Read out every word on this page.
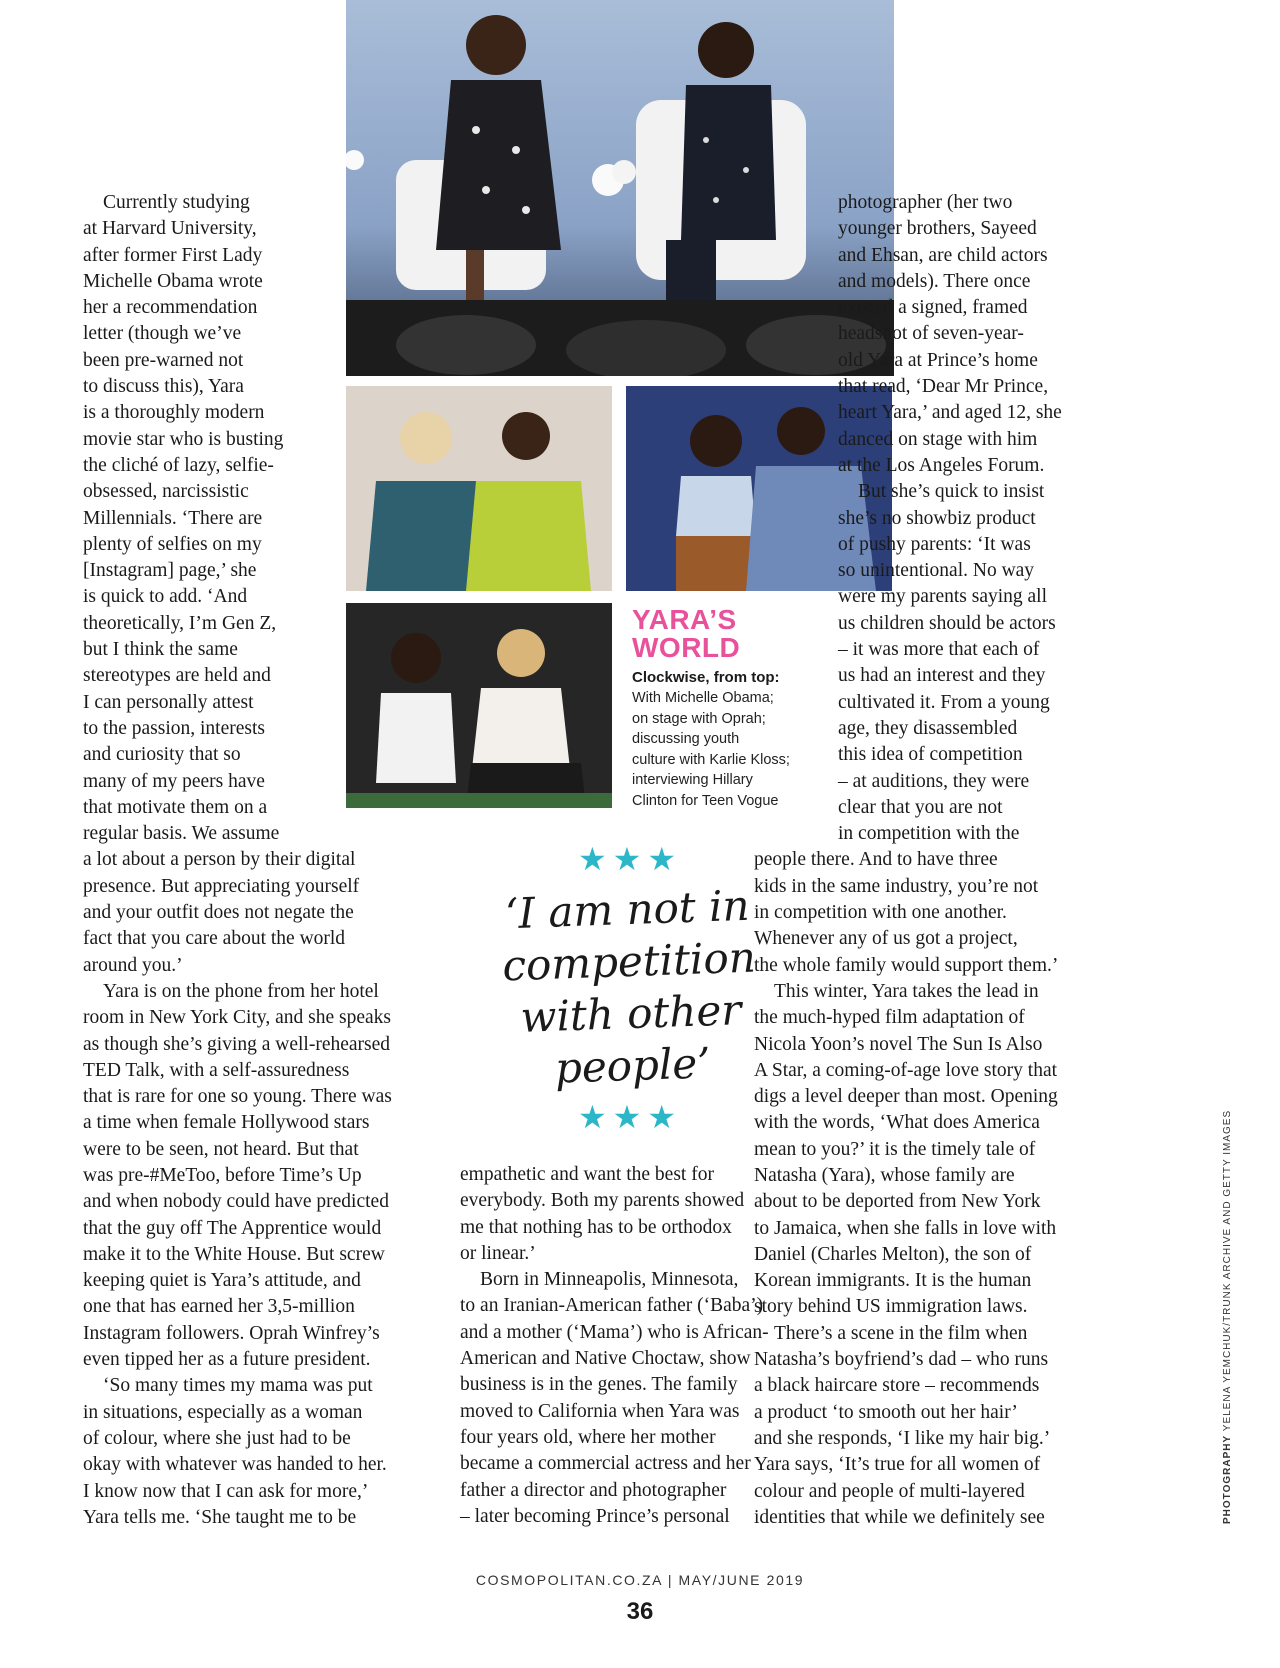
YARA’S

WORLD

Clockwise, from top:
With Michelle Obama;
on stage with Oprah;
discussing youth
culture with Karlie Kloss;
interviewing Hillary
Clinton for Teen Vogue
★★★
‘I am not in
competition
with other
people’
★★★

Currently studying
at Harvard University,
after former First Lady
Michelle Obama wrote
her a recommendation
letter (though we’ve
been pre-warned not
to discuss this), Yara
is a thoroughly modern
movie star who is busting
the cliché of lazy, selfie-
obsessed, narcissistic
Millennials. ‘There are
plenty of selfies on my
[Instagram] page,’ she
is quick to add. ‘And
theoretically, I’m Gen Z,
but I think the same
stereotypes are held and
I can personally attest
to the passion, interests
and curiosity that so
many of my peers have
that motivate them on a
regular basis. We assume
a lot about a person by their digital
presence. But appreciating yourself
and your outfit does not negate the
fact that you care about the world
around you.’

Yara is on the phone from her hotel
room in New York City, and she speaks
as though she’s giving a well-rehearsed
TED Talk, with a self-assuredness
that is rare for one so young. There was
a time when female Hollywood stars
were to be seen, not heard. But that
was pre-#MeToo, before Time’s Up
and when nobody could have predicted
that the guy off The Apprentice would
make it to the White House. But screw
keeping quiet is Yara’s attitude, and
one that has earned her 3,5-million
Instagram followers. Oprah Winfrey’s
even tipped her as a future president.

‘So many times my mama was put
in situations, especially as a woman
of colour, where she just had to be
okay with whatever was handed to her.
I know now that I can ask for more,’
Yara tells me. ‘She taught me to be

empathetic and want the best for
everybody. Both my parents showed
me that nothing has to be orthodox
or linear.’

Born in Minneapolis, Minnesota,
to an Iranian-American father (‘Baba’)
and a mother (‘Mama’) who is African-
American and Native Choctaw, show
business is in the genes. The family
moved to California when Yara was
four years old, where her mother
became a commercial actress and her
father a director and photographer
– later becoming Prince’s personal

photographer (her two
younger brothers, Sayeed
and Ehsan, are child actors
and models). There once
existed a signed, framed
headshot of seven-year-
old Yara at Prince’s home
that read, ‘Dear Mr Prince,
heart Yara,’ and aged 12, she
danced on stage with him
at the Los Angeles Forum.

But she’s quick to insist
she’s no showbiz product
of pushy parents: ‘It was
so unintentional. No way
were my parents saying all
us children should be actors
– it was more that each of
us had an interest and they
cultivated it. From a young
age, they disassembled
this idea of competition
– at auditions, they were
clear that you are not
in competition with the
people there. And to have three
kids in the same industry, you’re not
in competition with one another.
Whenever any of us got a project,
the whole family would support them.’

This winter, Yara takes the lead in
the much-hyped film adaptation of
Nicola Yoon’s novel The Sun Is Also
A Star, a coming-of-age love story that
digs a level deeper than most. Opening
with the words, ‘What does America
mean to you?’ it is the timely tale of
Natasha (Yara), whose family are
about to be deported from New York
to Jamaica, when she falls in love with
Daniel (Charles Melton), the son of
Korean immigrants. It is the human
story behind US immigration laws.

There’s a scene in the film when
Natasha’s boyfriend’s dad – who runs
a black haircare store – recommends
a product ‘to smooth out her hair’
and she responds, ‘I like my hair big.’
Yara says, ‘It’s true for all women of
colour and people of multi-layered
identities that while we definitely see	PHOTOGRAPHY YELENA YEMCHUK/TRUNK ARCHIVE AND GETTY IMAGES
COSMOPOLITAN.CO.ZA | MAY/JUNE 2019
36
